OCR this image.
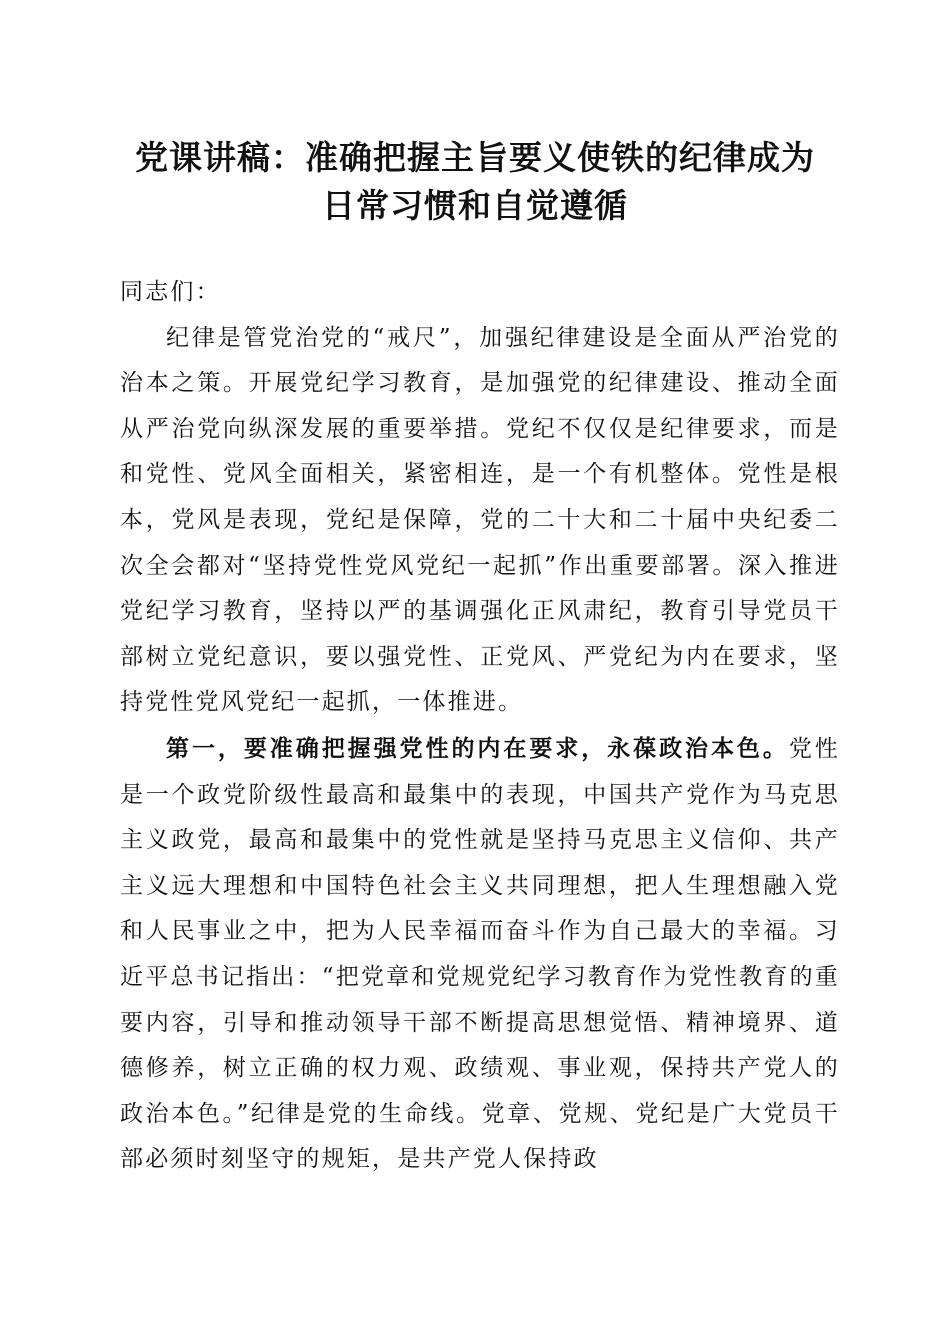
党课讲稿：准确把握主旨要义使铁的纪律成为
日常习惯和自觉遵循

同志们：

纪律是管党治党的“戒尺”，加强纪律建设是全面从严治党的治本之策。开展党纪学习教育，是加强党的纪律建设、推动全面从严治党向纵深发展的重要举措。党纪不仅仅是纪律要求，而是和党性、党风全面相关，紧密相连，是一个有机整体。党性是根本，党风是表现，党纪是保障，党的二十大和二十届中央纪委二次全会都对“坚持党性党风党纪一起抓”作出重要部署。深入推进党纪学习教育，坚持以严的基调强化正风肃纪，教育引导党员干部树立党纪意识，要以强党性、正党风、严党纪为内在要求，坚持党性党风党纪一起抓，一体推进。

第一，要准确把握强党性的内在要求，永葆政治本色。党性是一个政党阶级性最高和最集中的表现，中国共产党作为马克思主义政党，最高和最集中的党性就是坚持马克思主义信仰、共产主义远大理想和中国特色社会主义共同理想，把人生理想融入党和人民事业之中，把为人民幸福而奋斗作为自己最大的幸福。习近平总书记指出：“把党章和党规党纪学习教育作为党性教育的重要内容，引导和推动领导干部不断提高思想觉悟、精神境界、道德修养，树立正确的权力观、政绩观、事业观，保持共产党人的政治本色。”纪律是党的生命线。党章、党规、党纪是广大党员干部必须时刻坚守的规矩，是共产党人保持政
